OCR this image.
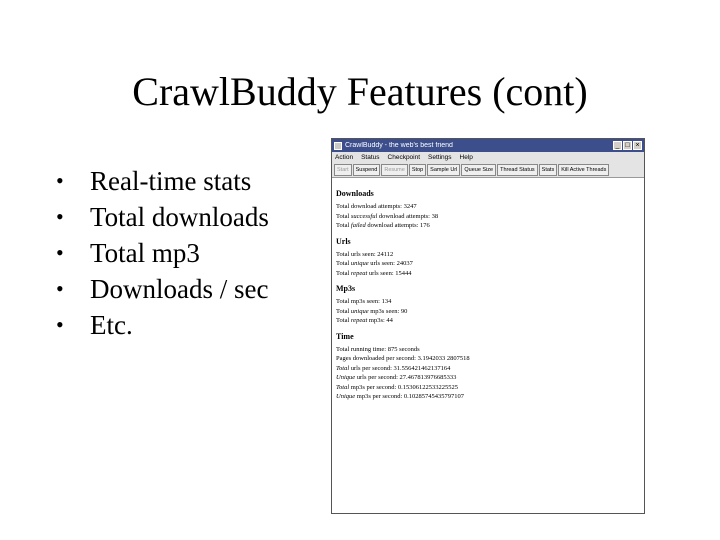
CrawlBuddy Features (cont)
• Real-time stats
• Total downloads
• Total mp3
• Downloads / sec
• Etc.
CrawlBuddy - the web's best friend	_ □ ×
Action Status Checkpoint Settings Help
Start	Suspend	Resume	Stop	Sample Url	Queue Size	Thread Status	Stats	Kill Active Threads
Downloads
Total download attempts: 3247
Total successful download attempts: 38
Total failed download attempts: 176
Urls
Total urls seen: 24112
Total unique urls seen: 24037
Total repeat urls seen: 15444
Mp3s
Total mp3s seen: 134
Total unique mp3s seen: 90
Total repeat mp3s: 44
Time
Total running time: 875 seconds
Pages downloaded per second: 3.1942033 2807518
Total urls per second: 31.556421462137164
Unique urls per second: 27.467813976685333
Total mp3s per second: 0.15306122533225525
Unique mp3s per second: 0.10285745435797107
